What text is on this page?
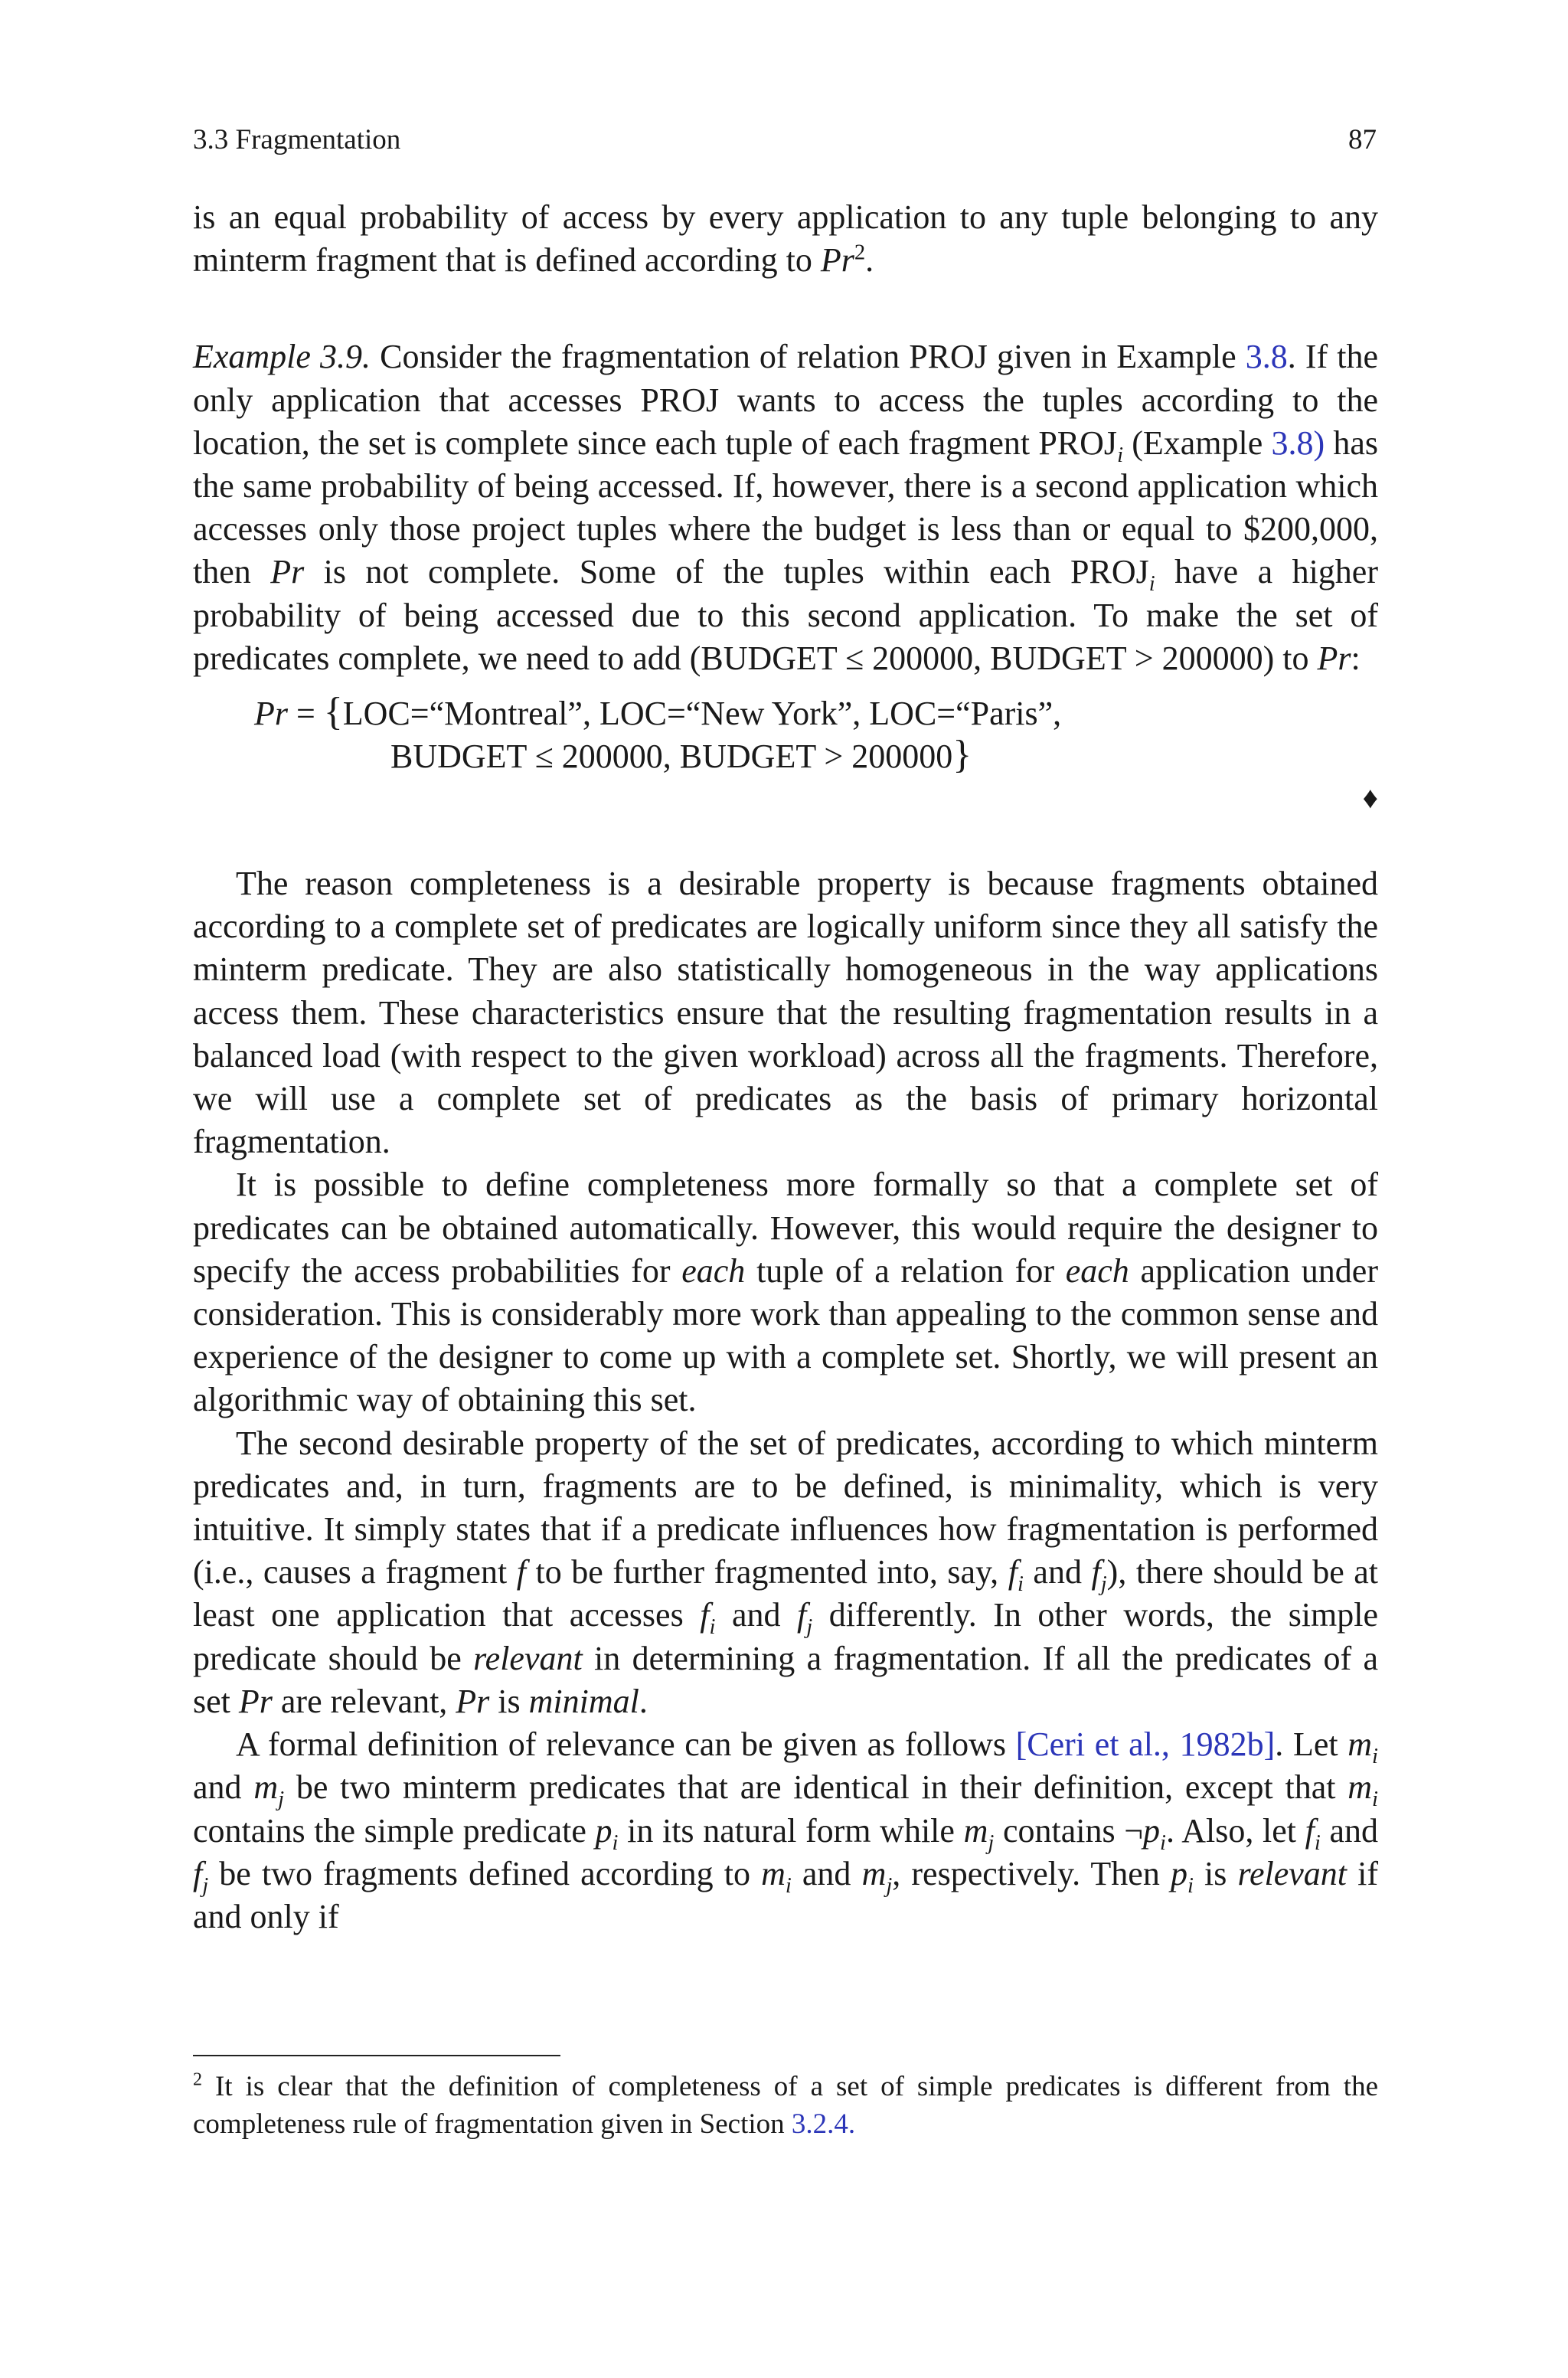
3.3 Fragmentation	87

is an equal probability of access by every application to any tuple belonging to any minterm fragment that is defined according to Pr$^2$.

Example 3.9. Consider the fragmentation of relation PROJ given in Example 3.8. If the only application that accesses PROJ wants to access the tuples according to the location, the set is complete since each tuple of each fragment $PROJ_i$ (Example 3.8) has the same probability of being accessed. If, however, there is a second application which accesses only those project tuples where the budget is less than or equal to $200,000, then Pr is not complete. Some of the tuples within each $PROJ_i$ have a higher probability of being accessed due to this second application. To make the set of predicates complete, we need to add (BUDGET ≤ 200000, BUDGET > 200000) to Pr:

Pr = {LOC=“Montreal”, LOC=“New York”, LOC=“Paris”,
BUDGET ≤ 200000, BUDGET > 200000}
♦

The reason completeness is a desirable property is because fragments obtained according to a complete set of predicates are logically uniform since they all satisfy the minterm predicate. They are also statistically homogeneous in the way applications access them. These characteristics ensure that the resulting fragmentation results in a balanced load (with respect to the given workload) across all the fragments. Therefore, we will use a complete set of predicates as the basis of primary horizontal fragmentation.

It is possible to define completeness more formally so that a complete set of predicates can be obtained automatically. However, this would require the designer to specify the access probabilities for each tuple of a relation for each application under consideration. This is considerably more work than appealing to the common sense and experience of the designer to come up with a complete set. Shortly, we will present an algorithmic way of obtaining this set.

The second desirable property of the set of predicates, according to which minterm predicates and, in turn, fragments are to be defined, is minimality, which is very intuitive. It simply states that if a predicate influences how fragmentation is performed (i.e., causes a fragment f to be further fragmented into, say, $f_i$ and $f_j$), there should be at least one application that accesses $f_i$ and $f_j$ differently. In other words, the simple predicate should be relevant in determining a fragmentation. If all the predicates of a set Pr are relevant, Pr is minimal.

A formal definition of relevance can be given as follows [Ceri et al., 1982b]. Let $m_i$ and $m_j$ be two minterm predicates that are identical in their definition, except that $m_i$ contains the simple predicate $p_i$ in its natural form while $m_j$ contains $\neg p_i$. Also, let $f_i$ and $f_j$ be two fragments defined according to $m_i$ and $m_j$, respectively. Then $p_i$ is relevant if and only if

$^2$ It is clear that the definition of completeness of a set of simple predicates is different from the completeness rule of fragmentation given in Section 3.2.4.
